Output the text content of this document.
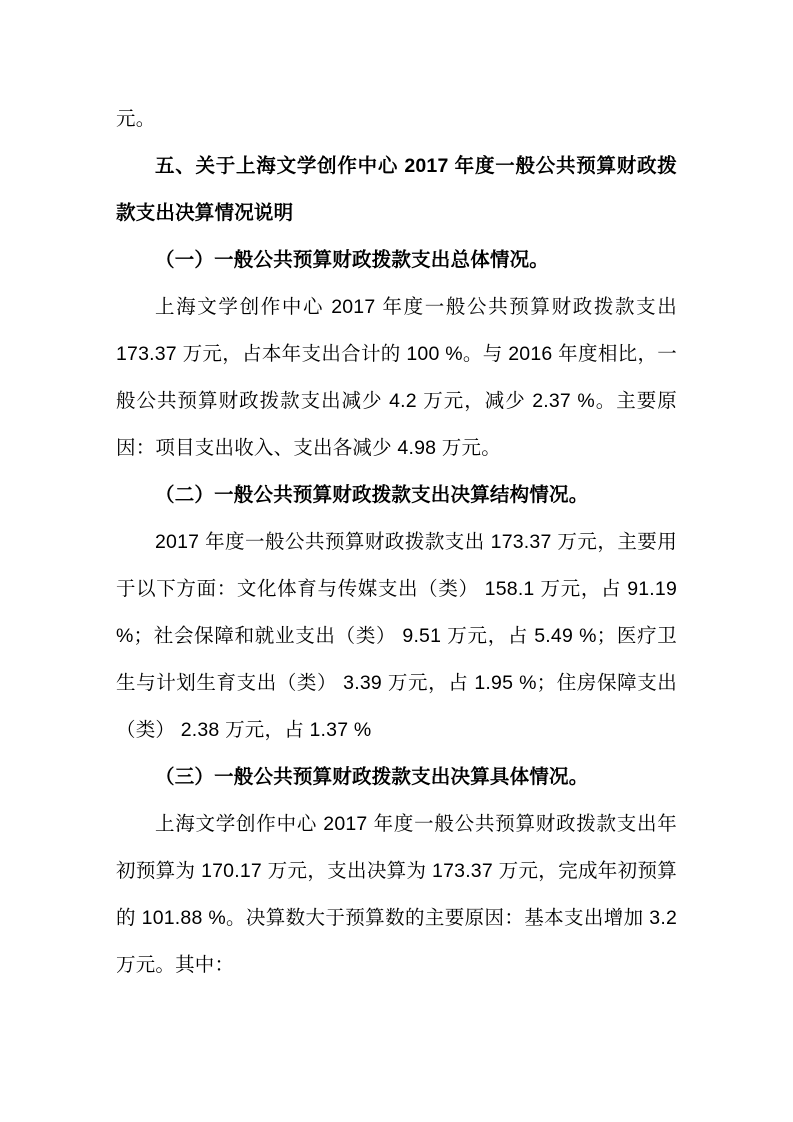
元。

五、关于上海文学创作中心 2017 年度一般公共预算财政拨款支出决算情况说明

（一）一般公共预算财政拨款支出总体情况。

上海文学创作中心 2017 年度一般公共预算财政拨款支出 173.37 万元，占本年支出合计的 100 %。与 2016 年度相比，一般公共预算财政拨款支出减少 4.2 万元，减少 2.37 %。主要原因：项目支出收入、支出各减少 4.98 万元。

（二）一般公共预算财政拨款支出决算结构情况。

2017 年度一般公共预算财政拨款支出 173.37 万元，主要用于以下方面：文化体育与传媒支出（类） 158.1 万元，占 91.19 %；社会保障和就业支出（类） 9.51 万元，占 5.49 %；医疗卫生与计划生育支出（类） 3.39 万元，占 1.95 %；住房保障支出（类） 2.38 万元，占 1.37 %

（三）一般公共预算财政拨款支出决算具体情况。

上海文学创作中心 2017 年度一般公共预算财政拨款支出年初预算为 170.17 万元，支出决算为 173.37 万元，完成年初预算的 101.88 %。决算数大于预算数的主要原因：基本支出增加 3.2 万元。其中：
